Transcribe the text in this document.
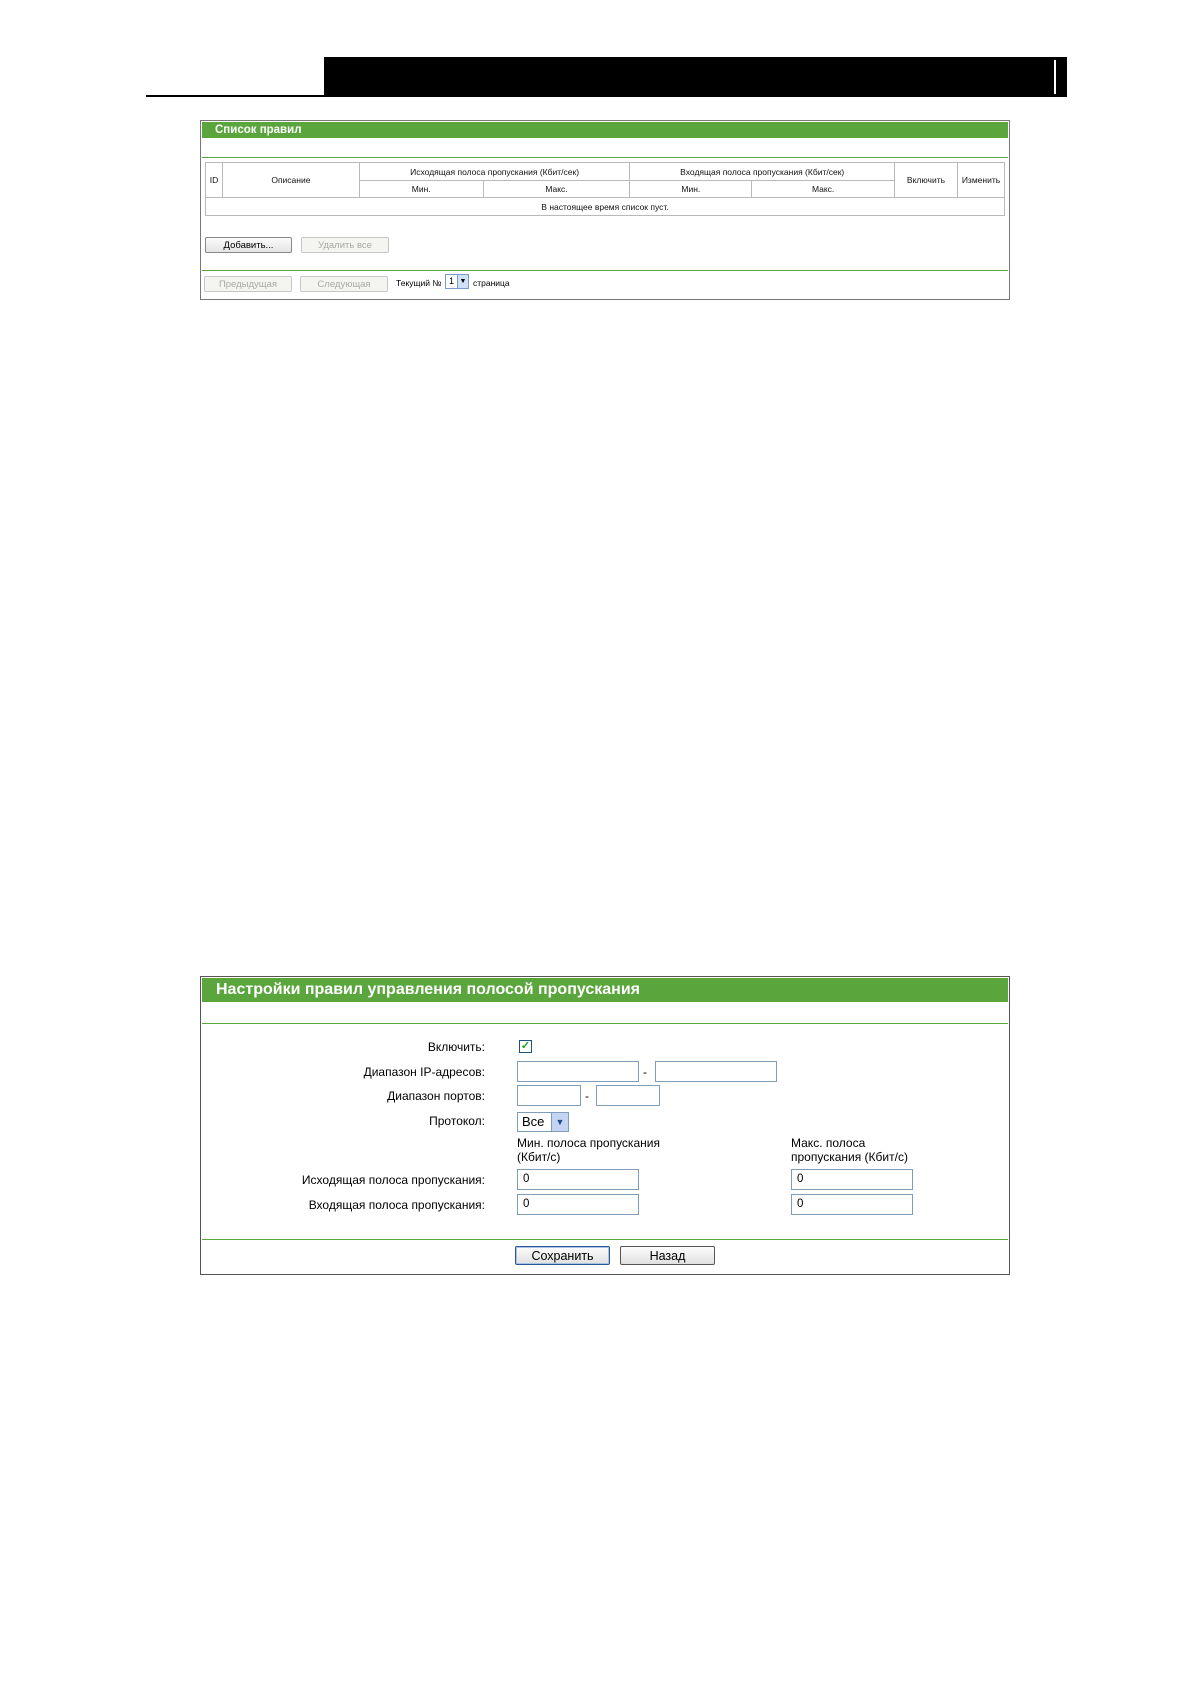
Список правил
ID	Описание	Исходящая полоса пропускания (Кбит/сек)		Входящая полоса пропускания (Кбит/сек)		Включить	Изменить
		Мин.	Макс.	Мин.	Макс.		
В настоящее время список пуст.							
Добавить...	Удалить все
Предыдущая	Следующая	Текущий № 1 ▼ страница
Настройки правил управления полосой пропускания
Включить:	✓
Диапазон IP-адресов:	-
Диапазон портов:	-
Протокол:	Все	▼
Мин. полоса пропускания
(Кбит/с)
Макс. полоса
пропускания (Кбит/с)
Исходящая полоса пропускания:	0	0
Входящая полоса пропускания:	0	0
Сохранить	Назад
